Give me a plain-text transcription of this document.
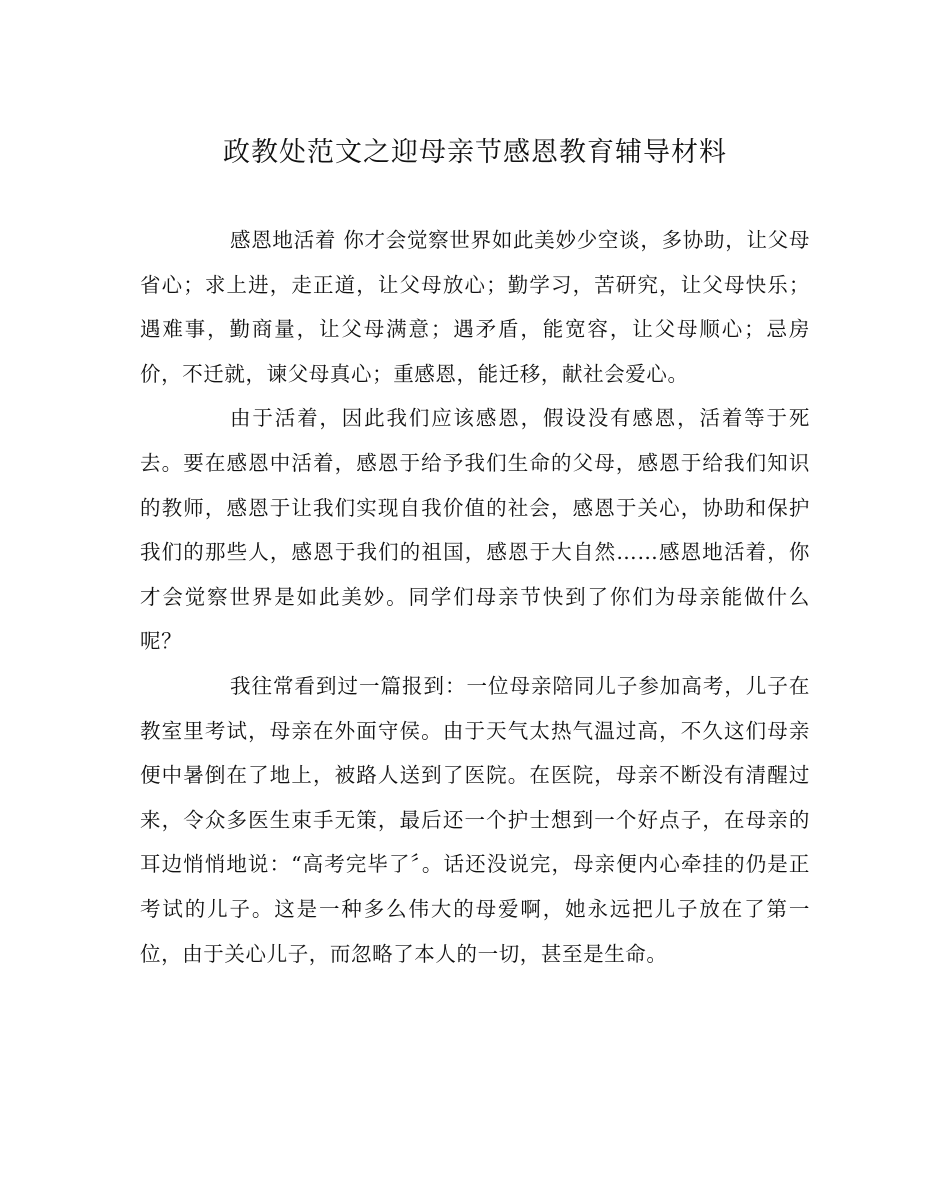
政教处范文之迎母亲节感恩教育辅导材料

感恩地活着 你才会觉察世界如此美妙少空谈，多协助，让父母省心；求上进，走正道，让父母放心；勤学习，苦研究，让父母快乐；遇难事，勤商量，让父母满意；遇矛盾，能宽容，让父母顺心；忌房价，不迁就，谏父母真心；重感恩，能迁移，献社会爱心。

由于活着，因此我们应该感恩，假设没有感恩，活着等于死去。要在感恩中活着，感恩于给予我们生命的父母，感恩于给我们知识的教师，感恩于让我们实现自我价值的社会，感恩于关心，协助和保护我们的那些人，感恩于我们的祖国，感恩于大自然……感恩地活着，你才会觉察世界是如此美妙。同学们母亲节快到了你们为母亲能做什么呢？

我往常看到过一篇报到：一位母亲陪同儿子参加高考，儿子在教室里考试，母亲在外面守侯。由于天气太热气温过高，不久这们母亲便中暑倒在了地上，被路人送到了医院。在医院，母亲不断没有清醒过来，令众多医生束手无策，最后还一个护士想到一个好点子，在母亲的耳边悄悄地说：“高考完毕了〞。话还没说完，母亲便内心牵挂的仍是正考试的儿子。这是一种多么伟大的母爱啊，她永远把儿子放在了第一位，由于关心儿子，而忽略了本人的一切，甚至是生命。
